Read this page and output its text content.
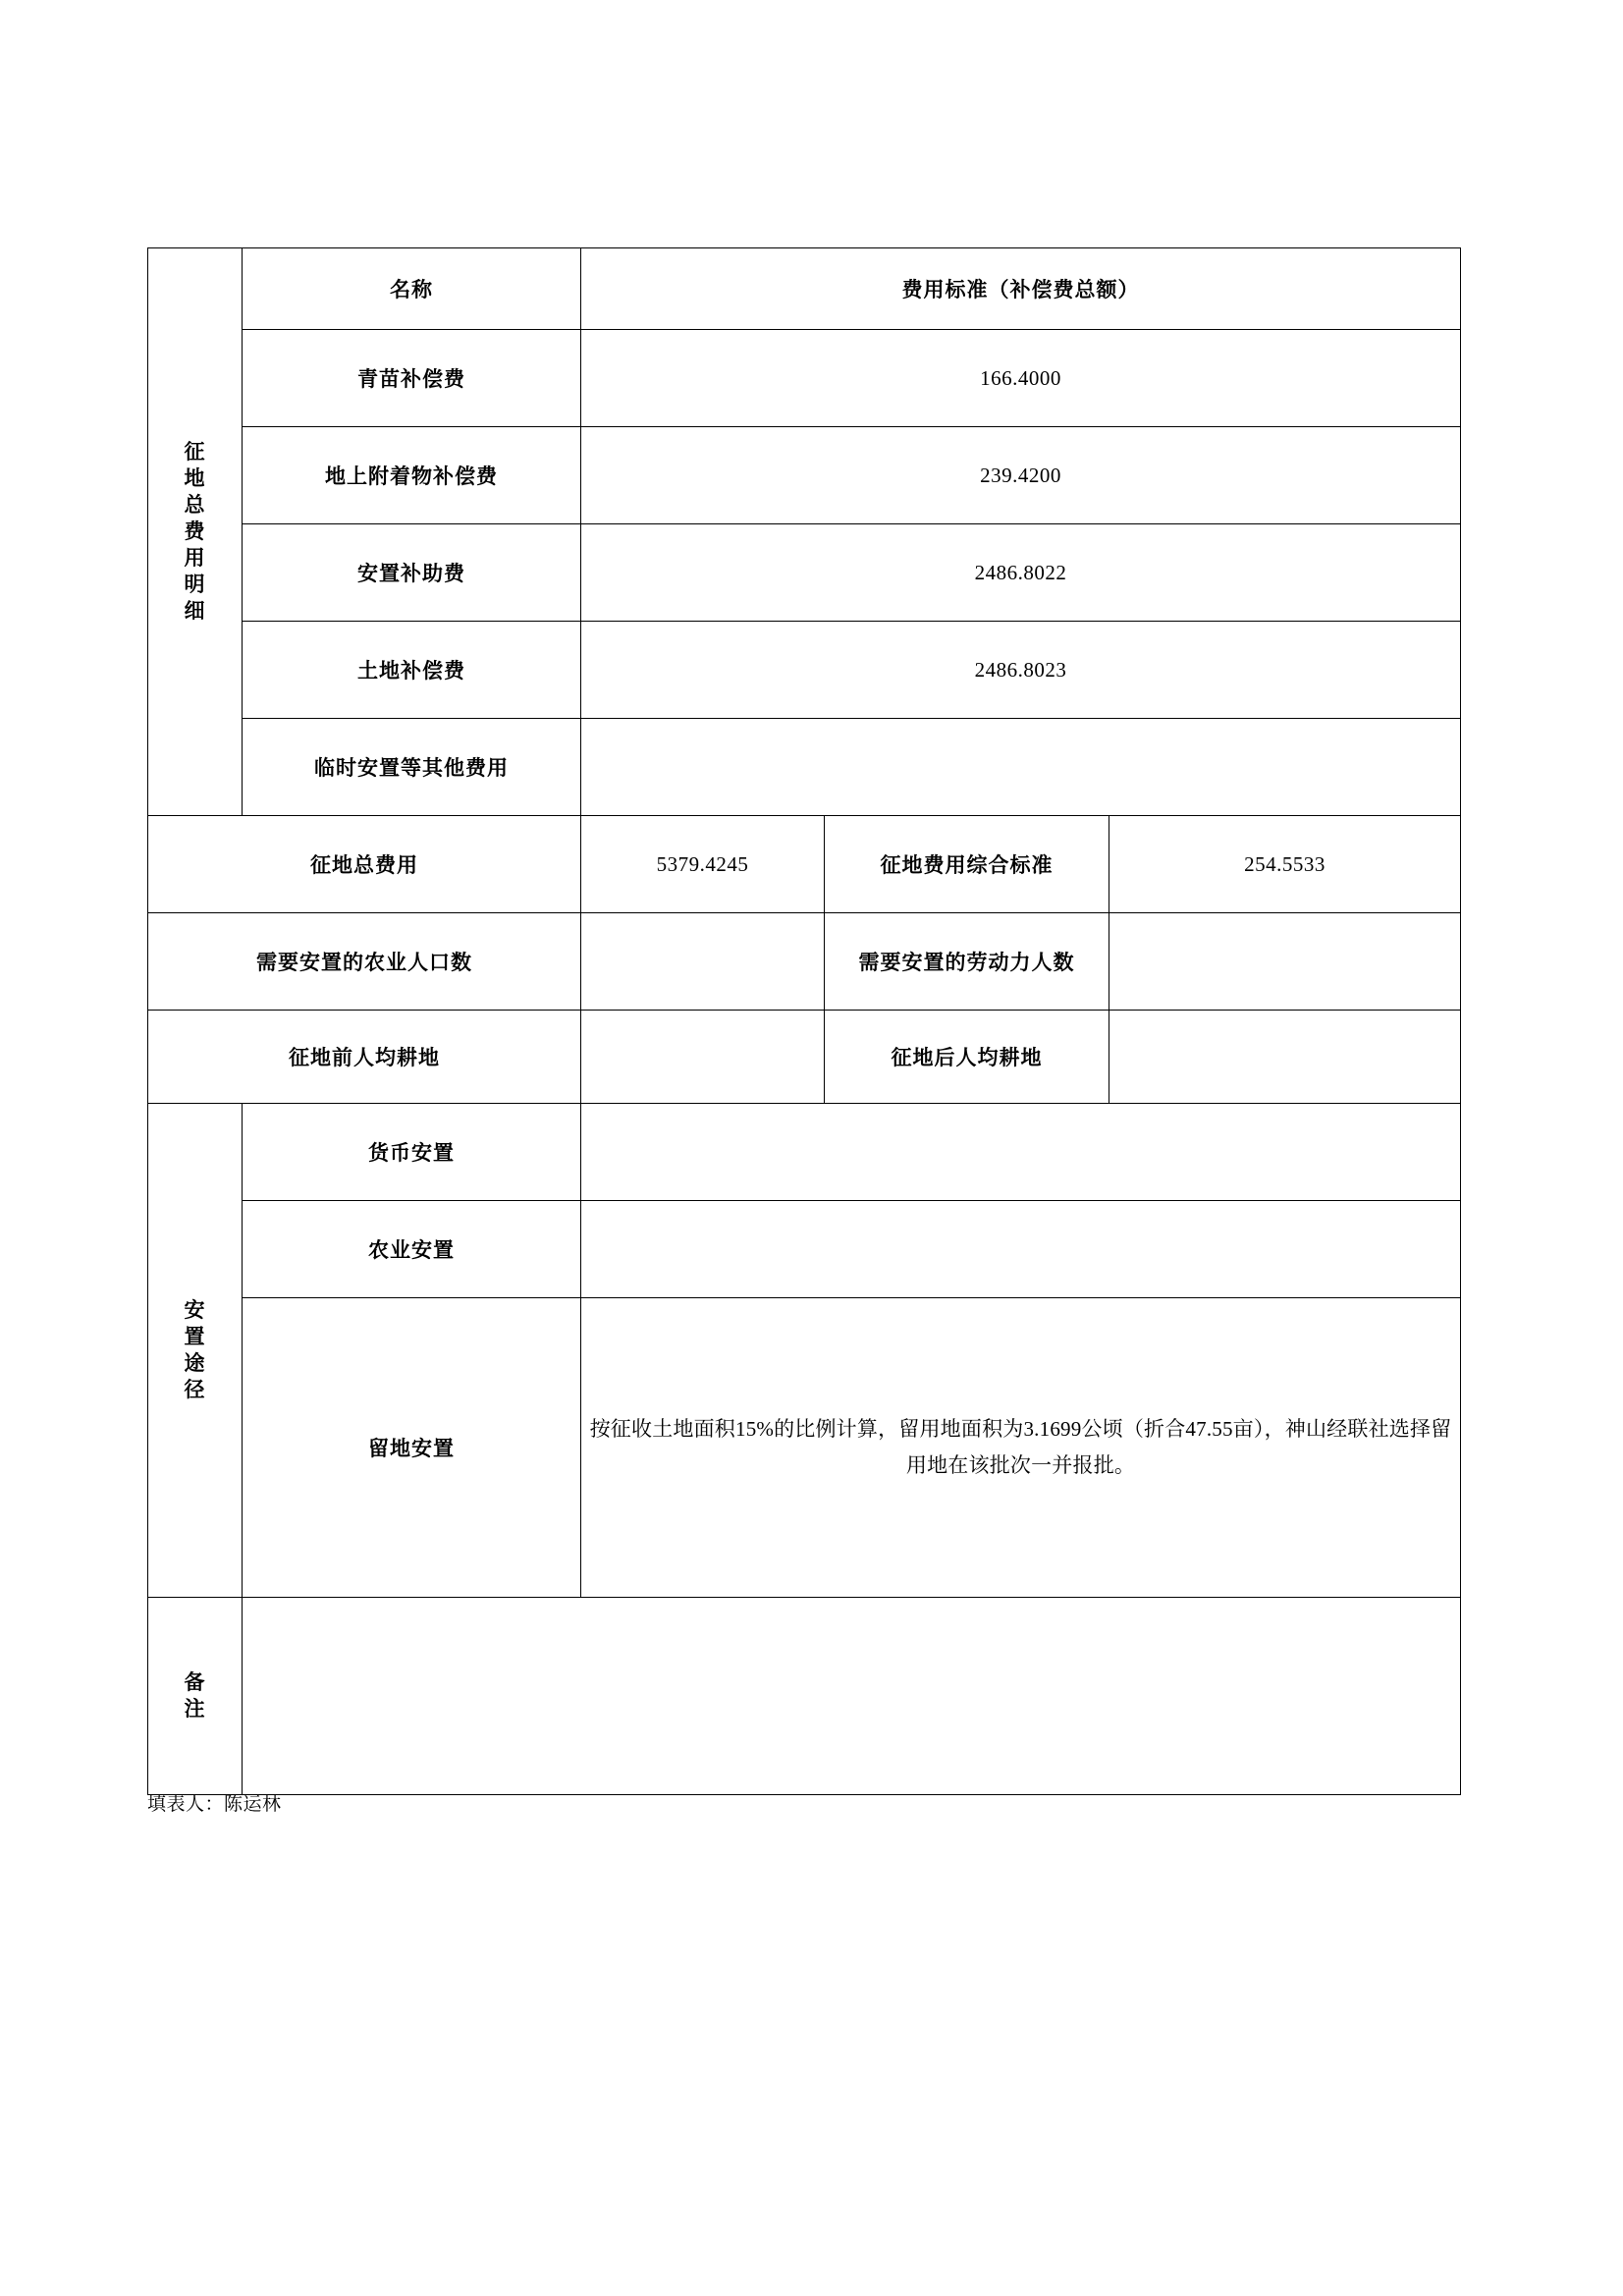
征地总费用明细	名称	费用标准（补偿费总额）		
	青苗补偿费	166.4000		
	地上附着物补偿费	239.4200		
	安置补助费	2486.8022		
	土地补偿费	2486.8023		
	临时安置等其他费用			
征地总费用		5379.4245	征地费用综合标准	254.5533
需要安置的农业人口数			需要安置的劳动力人数	
征地前人均耕地			征地后人均耕地	
安置途径	货币安置			
	农业安置			
	留地安置	按征收土地面积15%的比例计算，留用地面积为3.1699公顷（折合47.55亩），神山经联社选择留用地在该批次一并报批。		
备注				
填表人：陈运林
